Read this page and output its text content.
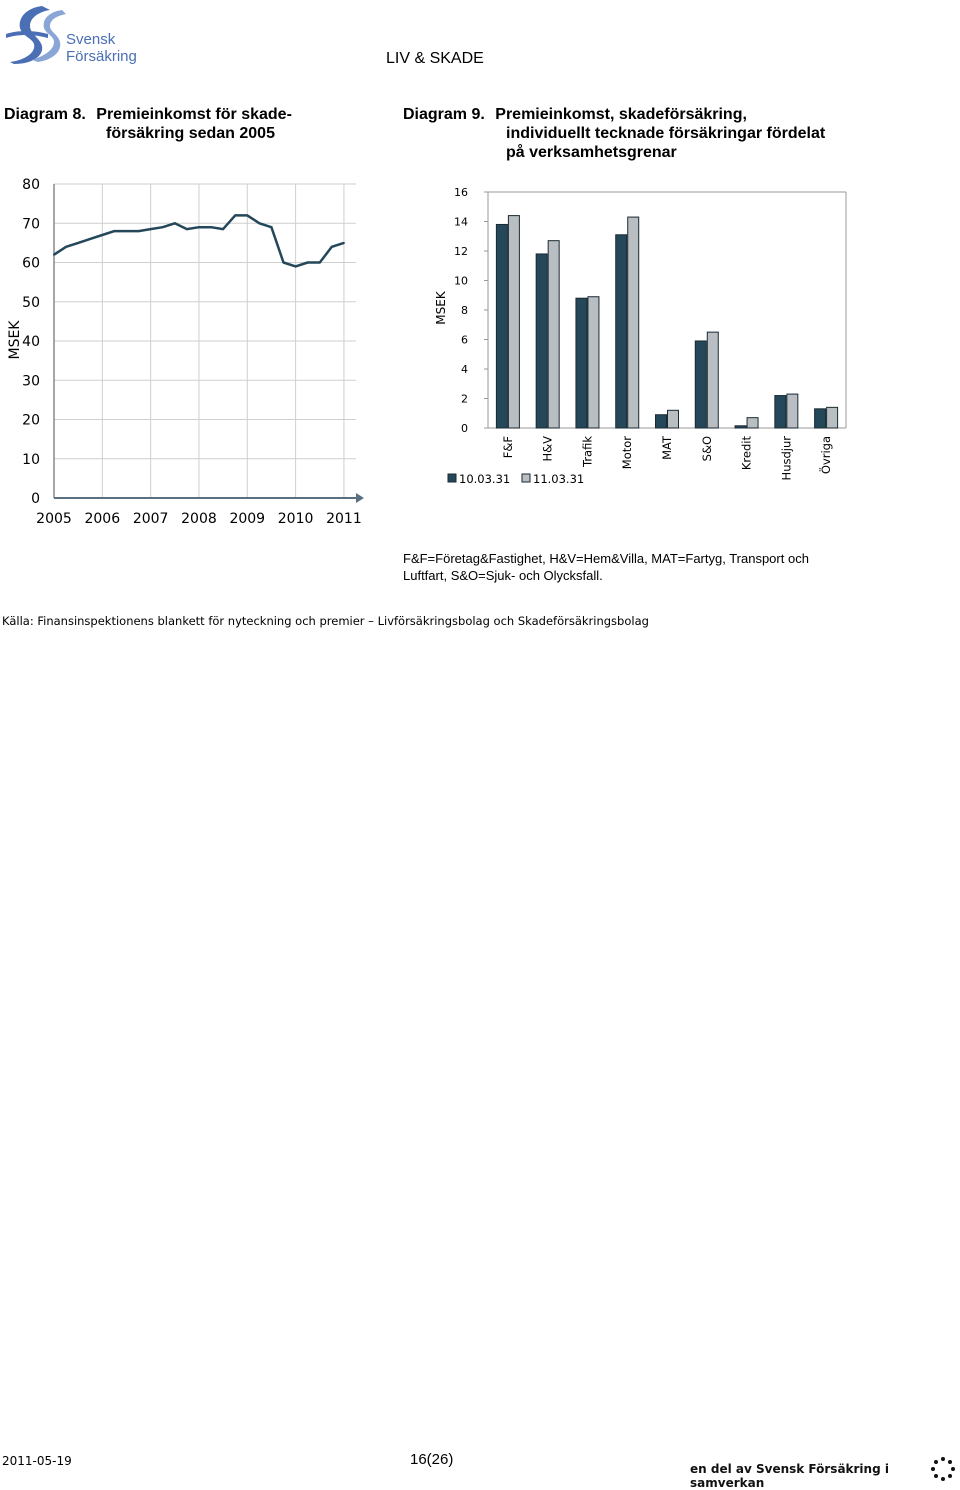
Svensk Försäkring	LIV & SKADE
Diagram 8. Premieinkomst för skade-
försäkring sedan 2005
Diagram 9. Premieinkomst, skadeförsäkring,
individuellt tecknade försäkringar fördelat
på verksamhetsgrenar
0
10
20
30
40
50
60
70
80
2005 2006 2007 2008 2009 2010 2011
MSEK
0
2
4
6
8
10
12
14
16
MSEK
F&F H&V Trafik Motor MAT S&O Kredit Husdjur Övriga
10.03.31 11.03.31
F&F=Företag&Fastighet, H&V=Hem&Villa, MAT=Fartyg, Transport och
Luftfart, S&O=Sjuk- och Olycksfall.
Källa: Finansinspektionens blankett för nyteckning och premier – Livförsäkringsbolag och Skadeförsäkringsbolag
2011-05-19	16(26)
en del av Svensk Försäkring i samverkan
